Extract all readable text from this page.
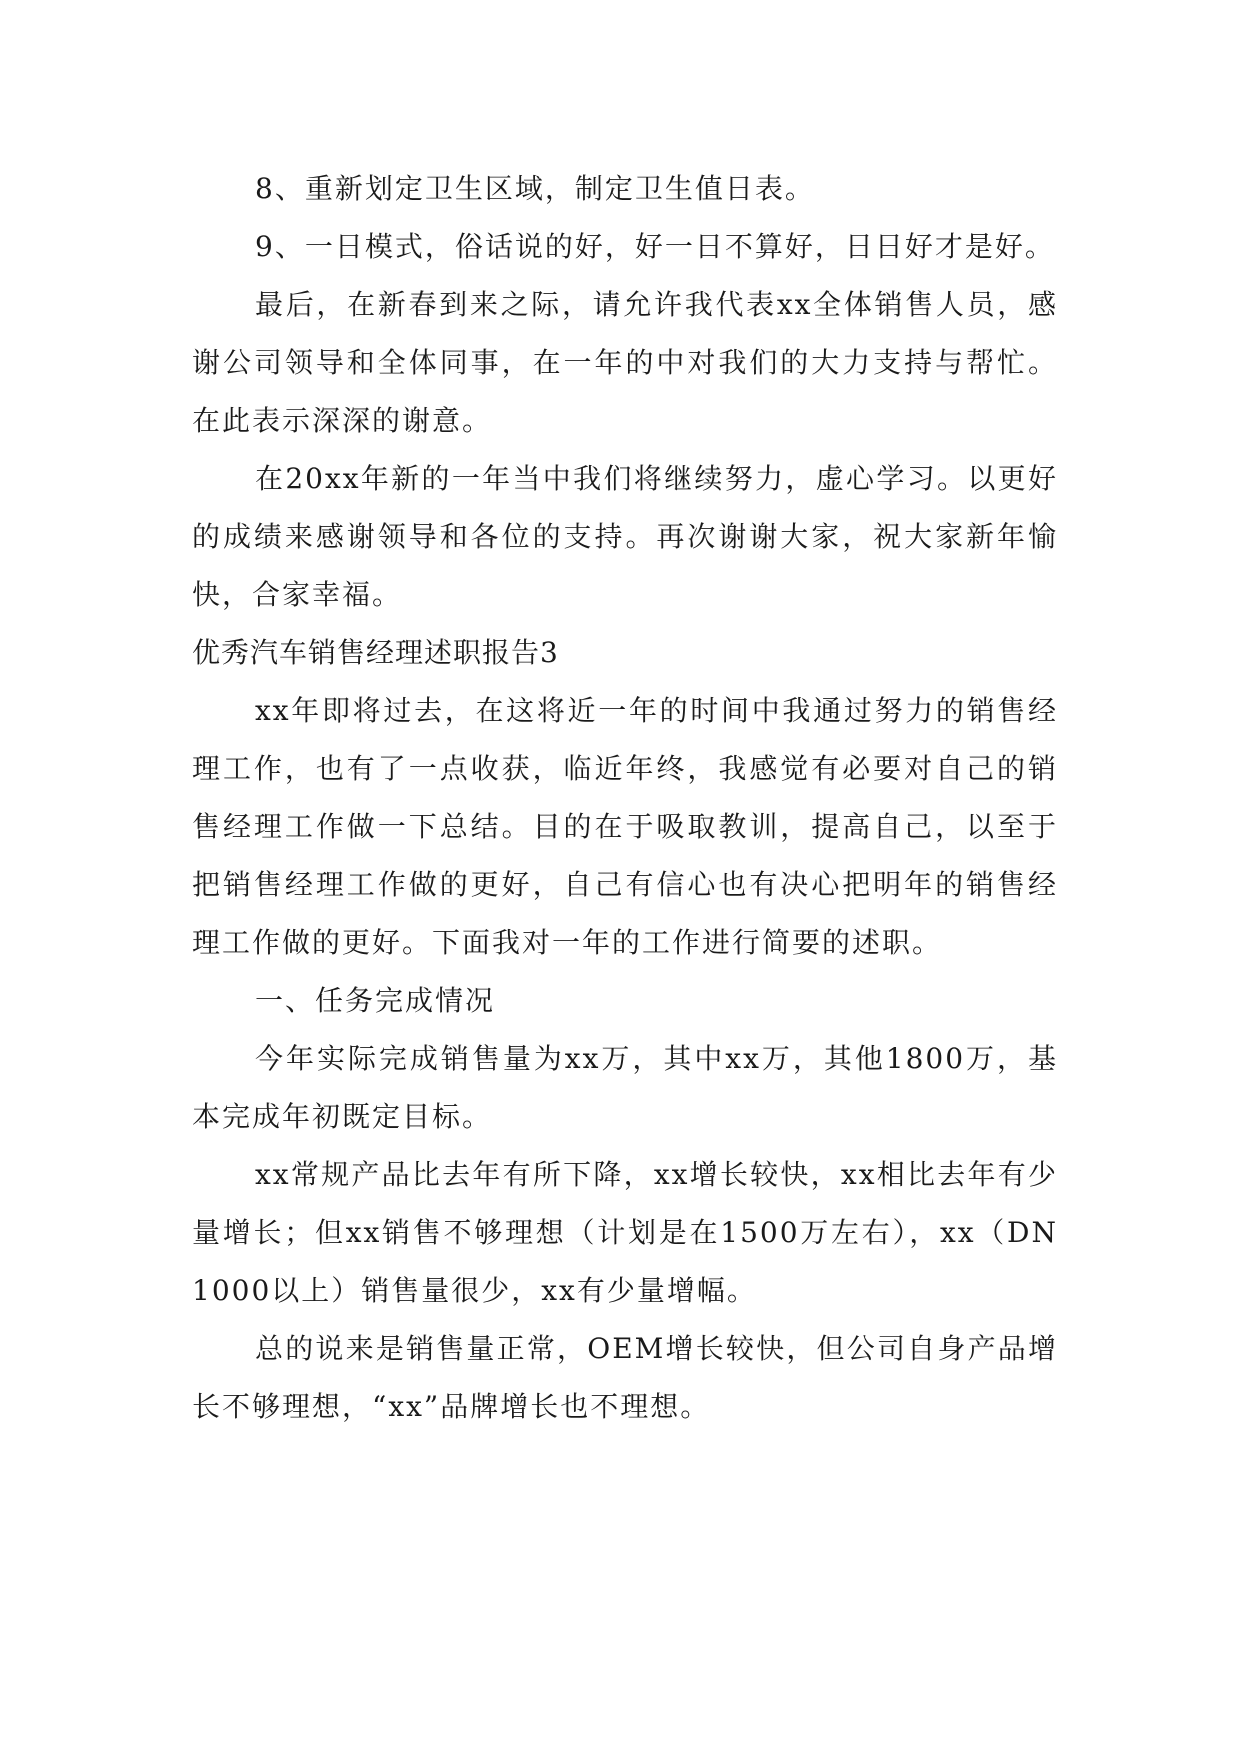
8、重新划定卫生区域，制定卫生值日表。

9、一日模式，俗话说的好，好一日不算好，日日好才是好。

最后，在新春到来之际，请允许我代表xx全体销售人员，感谢公司领导和全体同事，在一年的中对我们的大力支持与帮忙。在此表示深深的谢意。

在20xx年新的一年当中我们将继续努力，虚心学习。以更好的成绩来感谢领导和各位的支持。再次谢谢大家，祝大家新年愉快，合家幸福。

优秀汽车销售经理述职报告3

xx年即将过去，在这将近一年的时间中我通过努力的销售经理工作，也有了一点收获，临近年终，我感觉有必要对自己的销售经理工作做一下总结。目的在于吸取教训，提高自己，以至于把销售经理工作做的更好，自己有信心也有决心把明年的销售经理工作做的更好。下面我对一年的工作进行简要的述职。

一、任务完成情况

今年实际完成销售量为xx万，其中xx万，其他1800万，基本完成年初既定目标。

xx常规产品比去年有所下降，xx增长较快，xx相比去年有少量增长；但xx销售不够理想（计划是在1500万左右），xx（DN1000以上）销售量很少，xx有少量增幅。

总的说来是销售量正常，OEM增长较快，但公司自身产品增长不够理想，“xx”品牌增长也不理想。
